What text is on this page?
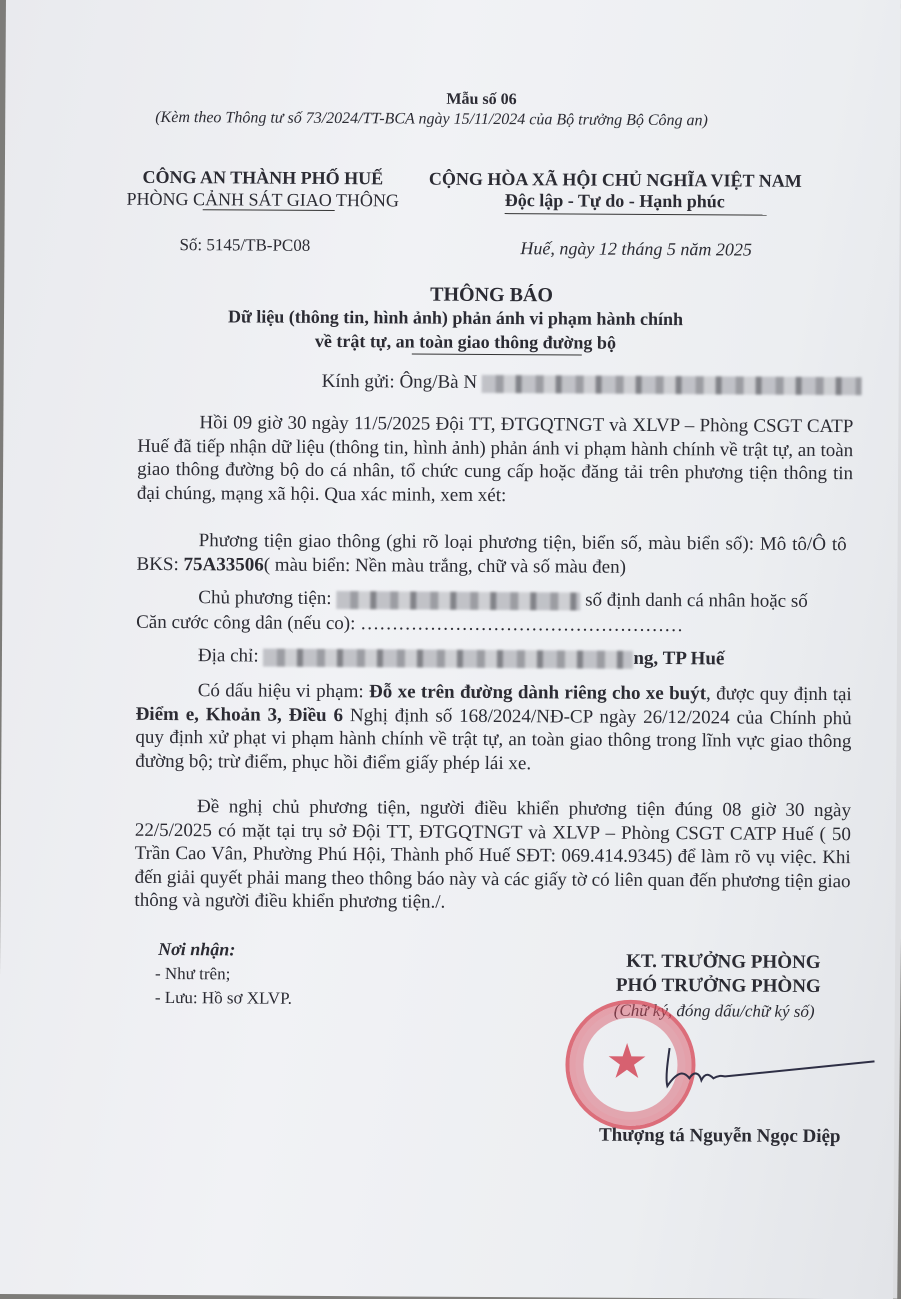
Mẫu số 06
(Kèm theo Thông tư số 73/2024/TT-BCA ngày 15/11/2024 của Bộ trưởng Bộ Công an)
CÔNG AN THÀNH PHỐ HUẾ
PHÒNG CẢNH SÁT GIAO THÔNG
Số: 5145/TB-PC08
CỘNG HÒA XÃ HỘI CHỦ NGHĨA VIỆT NAM
Độc lập - Tự do - Hạnh phúc
Huế, ngày 12 tháng 5 năm 2025
THÔNG BÁO
Dữ liệu (thông tin, hình ảnh) phản ánh vi phạm hành chính
về trật tự, an toàn giao thông đường bộ
Kính gửi: Ông/Bà N
Hồi 09 giờ 30 ngày 11/5/2025 Đội TT, ĐTGQTNGT và XLVP – Phòng CSGT CATP Huế đã tiếp nhận dữ liệu (thông tin, hình ảnh) phản ánh vi phạm hành chính về trật tự, an toàn giao thông đường bộ do cá nhân, tổ chức cung cấp hoặc đăng tải trên phương tiện thông tin đại chúng, mạng xã hội. Qua xác minh, xem xét:
Phương tiện giao thông (ghi rõ loại phương tiện, biển số, màu biển số): Mô tô/Ô tô BKS: 75A33506( màu biển: Nền màu trắng, chữ và số màu đen)
Chủ phương tiện:	số định danh cá nhân hoặc số
Căn cước công dân (nếu co): ……………………………………………
Địa chỉ:	ng, TP Huế
Có dấu hiệu vi phạm: Đỗ xe trên đường dành riêng cho xe buýt, được quy định tại Điểm e, Khoản 3, Điều 6 Nghị định số 168/2024/NĐ-CP ngày 26/12/2024 của Chính phủ quy định xử phạt vi phạm hành chính về trật tự, an toàn giao thông trong lĩnh vực giao thông đường bộ; trừ điểm, phục hồi điểm giấy phép lái xe.
Đề nghị chủ phương tiện, người điều khiển phương tiện đúng 08 giờ 30 ngày 22/5/2025 có mặt tại trụ sở Đội TT, ĐTGQTNGT và XLVP – Phòng CSGT CATP Huế ( 50 Trần Cao Vân, Phường Phú Hội, Thành phố Huế SĐT: 069.414.9345) để làm rõ vụ việc. Khi đến giải quyết phải mang theo thông báo này và các giấy tờ có liên quan đến phương tiện giao thông và người điều khiển phương tiện./.
Nơi nhận:
- Như trên;
- Lưu: Hồ sơ XLVP.
KT. TRƯỞNG PHÒNG
PHÓ TRƯỞNG PHÒNG
(Chữ ký, đóng dấu/chữ ký số)
★
Thượng tá Nguyễn Ngọc Diệp
